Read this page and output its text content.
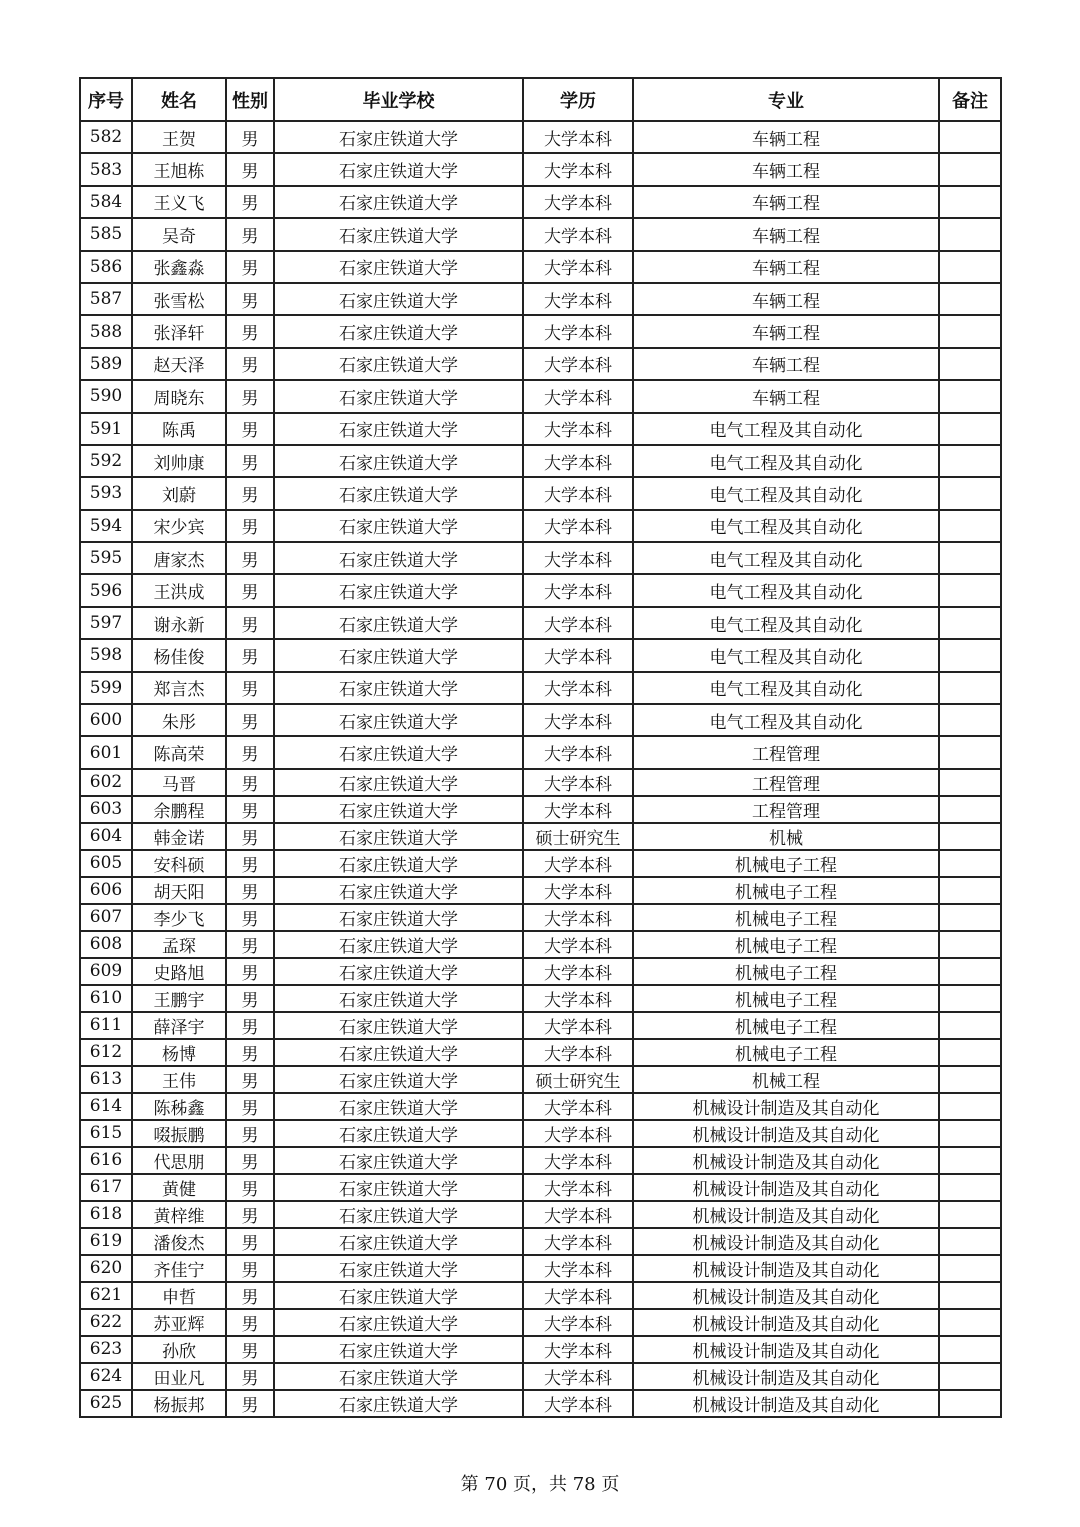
序号	姓名	性别	毕业学校	学历	专业	备注
582	王贺	男	石家庄铁道大学	大学本科	车辆工程	
583	王旭栋	男	石家庄铁道大学	大学本科	车辆工程	
584	王义飞	男	石家庄铁道大学	大学本科	车辆工程	
585	吴奇	男	石家庄铁道大学	大学本科	车辆工程	
586	张鑫淼	男	石家庄铁道大学	大学本科	车辆工程	
587	张雪松	男	石家庄铁道大学	大学本科	车辆工程	
588	张泽轩	男	石家庄铁道大学	大学本科	车辆工程	
589	赵天泽	男	石家庄铁道大学	大学本科	车辆工程	
590	周晓东	男	石家庄铁道大学	大学本科	车辆工程	
591	陈禹	男	石家庄铁道大学	大学本科	电气工程及其自动化	
592	刘帅康	男	石家庄铁道大学	大学本科	电气工程及其自动化	
593	刘蔚	男	石家庄铁道大学	大学本科	电气工程及其自动化	
594	宋少宾	男	石家庄铁道大学	大学本科	电气工程及其自动化	
595	唐家杰	男	石家庄铁道大学	大学本科	电气工程及其自动化	
596	王洪成	男	石家庄铁道大学	大学本科	电气工程及其自动化	
597	谢永新	男	石家庄铁道大学	大学本科	电气工程及其自动化	
598	杨佳俊	男	石家庄铁道大学	大学本科	电气工程及其自动化	
599	郑言杰	男	石家庄铁道大学	大学本科	电气工程及其自动化	
600	朱彤	男	石家庄铁道大学	大学本科	电气工程及其自动化	
601	陈高荣	男	石家庄铁道大学	大学本科	工程管理	
602	马晋	男	石家庄铁道大学	大学本科	工程管理	
603	余鹏程	男	石家庄铁道大学	大学本科	工程管理	
604	韩金诺	男	石家庄铁道大学	硕士研究生	机械	
605	安科硕	男	石家庄铁道大学	大学本科	机械电子工程	
606	胡天阳	男	石家庄铁道大学	大学本科	机械电子工程	
607	李少飞	男	石家庄铁道大学	大学本科	机械电子工程	
608	孟琛	男	石家庄铁道大学	大学本科	机械电子工程	
609	史路旭	男	石家庄铁道大学	大学本科	机械电子工程	
610	王鹏宇	男	石家庄铁道大学	大学本科	机械电子工程	
611	薛泽宇	男	石家庄铁道大学	大学本科	机械电子工程	
612	杨博	男	石家庄铁道大学	大学本科	机械电子工程	
613	王伟	男	石家庄铁道大学	硕士研究生	机械工程	
614	陈秭鑫	男	石家庄铁道大学	大学本科	机械设计制造及其自动化	
615	啜振鹏	男	石家庄铁道大学	大学本科	机械设计制造及其自动化	
616	代思朋	男	石家庄铁道大学	大学本科	机械设计制造及其自动化	
617	黄健	男	石家庄铁道大学	大学本科	机械设计制造及其自动化	
618	黄梓维	男	石家庄铁道大学	大学本科	机械设计制造及其自动化	
619	潘俊杰	男	石家庄铁道大学	大学本科	机械设计制造及其自动化	
620	齐佳宁	男	石家庄铁道大学	大学本科	机械设计制造及其自动化	
621	申哲	男	石家庄铁道大学	大学本科	机械设计制造及其自动化	
622	苏亚辉	男	石家庄铁道大学	大学本科	机械设计制造及其自动化	
623	孙欣	男	石家庄铁道大学	大学本科	机械设计制造及其自动化	
624	田业凡	男	石家庄铁道大学	大学本科	机械设计制造及其自动化	
625	杨振邦	男	石家庄铁道大学	大学本科	机械设计制造及其自动化	
第 70 页，共 78 页
